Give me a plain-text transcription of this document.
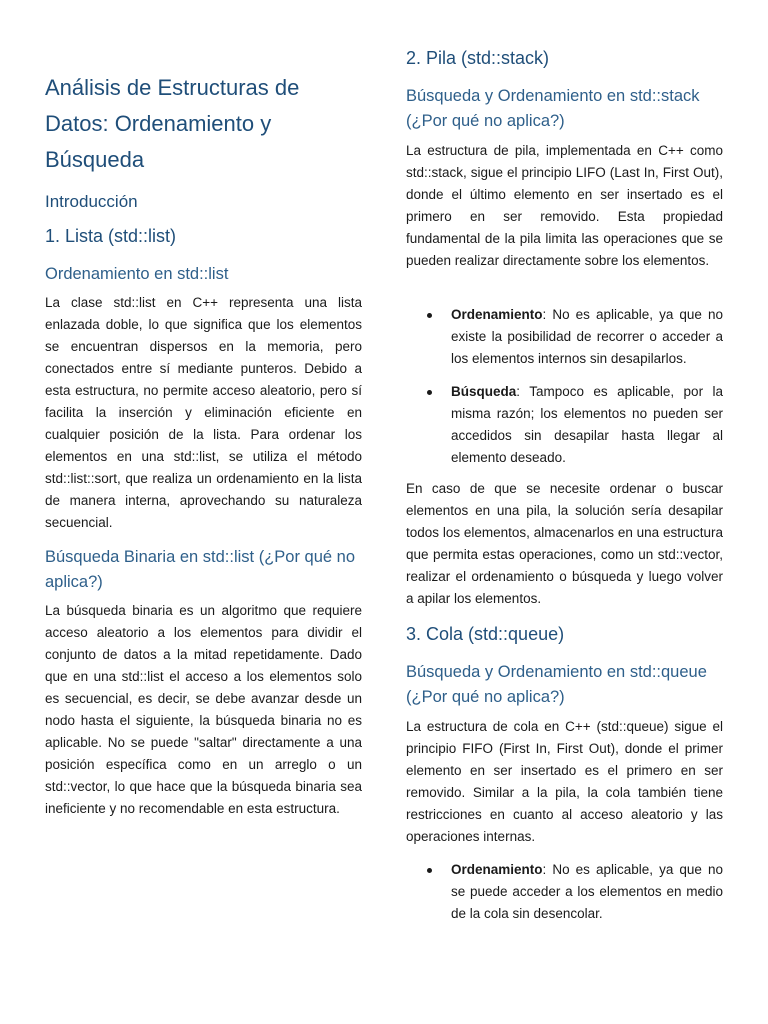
Análisis de Estructuras de Datos: Ordenamiento y Búsqueda
Introducción
1. Lista (std::list)
Ordenamiento en std::list

La clase std::list en C++ representa una lista enlazada doble, lo que significa que los elementos se encuentran dispersos en la memoria, pero conectados entre sí mediante punteros. Debido a esta estructura, no permite acceso aleatorio, pero sí facilita la inserción y eliminación eficiente en cualquier posición de la lista. Para ordenar los elementos en una std::list, se utiliza el método std::list::sort, que realiza un ordenamiento en la lista de manera interna, aprovechando su naturaleza secuencial.

Búsqueda Binaria en std::list (¿Por qué no aplica?)

La búsqueda binaria es un algoritmo que requiere acceso aleatorio a los elementos para dividir el conjunto de datos a la mitad repetidamente. Dado que en una std::list el acceso a los elementos solo es secuencial, es decir, se debe avanzar desde un nodo hasta el siguiente, la búsqueda binaria no es aplicable. No se puede "saltar" directamente a una posición específica como en un arreglo o un std::vector, lo que hace que la búsqueda binaria sea ineficiente y no recomendable en esta estructura.

2. Pila (std::stack)
Búsqueda y Ordenamiento en std::stack (¿Por qué no aplica?)

La estructura de pila, implementada en C++ como std::stack, sigue el principio LIFO (Last In, First Out), donde el último elemento en ser insertado es el primero en ser removido. Esta propiedad fundamental de la pila limita las operaciones que se pueden realizar directamente sobre los elementos.

Ordenamiento: No es aplicable, ya que no existe la posibilidad de recorrer o acceder a los elementos internos sin desapilarlos.
Búsqueda: Tampoco es aplicable, por la misma razón; los elementos no pueden ser accedidos sin desapilar hasta llegar al elemento deseado.

En caso de que se necesite ordenar o buscar elementos en una pila, la solución sería desapilar todos los elementos, almacenarlos en una estructura que permita estas operaciones, como un std::vector, realizar el ordenamiento o búsqueda y luego volver a apilar los elementos.

3. Cola (std::queue)
Búsqueda y Ordenamiento en std::queue (¿Por qué no aplica?)

La estructura de cola en C++ (std::queue) sigue el principio FIFO (First In, First Out), donde el primer elemento en ser insertado es el primero en ser removido. Similar a la pila, la cola también tiene restricciones en cuanto al acceso aleatorio y las operaciones internas.

Ordenamiento: No es aplicable, ya que no se puede acceder a los elementos en medio de la cola sin desencolar.
